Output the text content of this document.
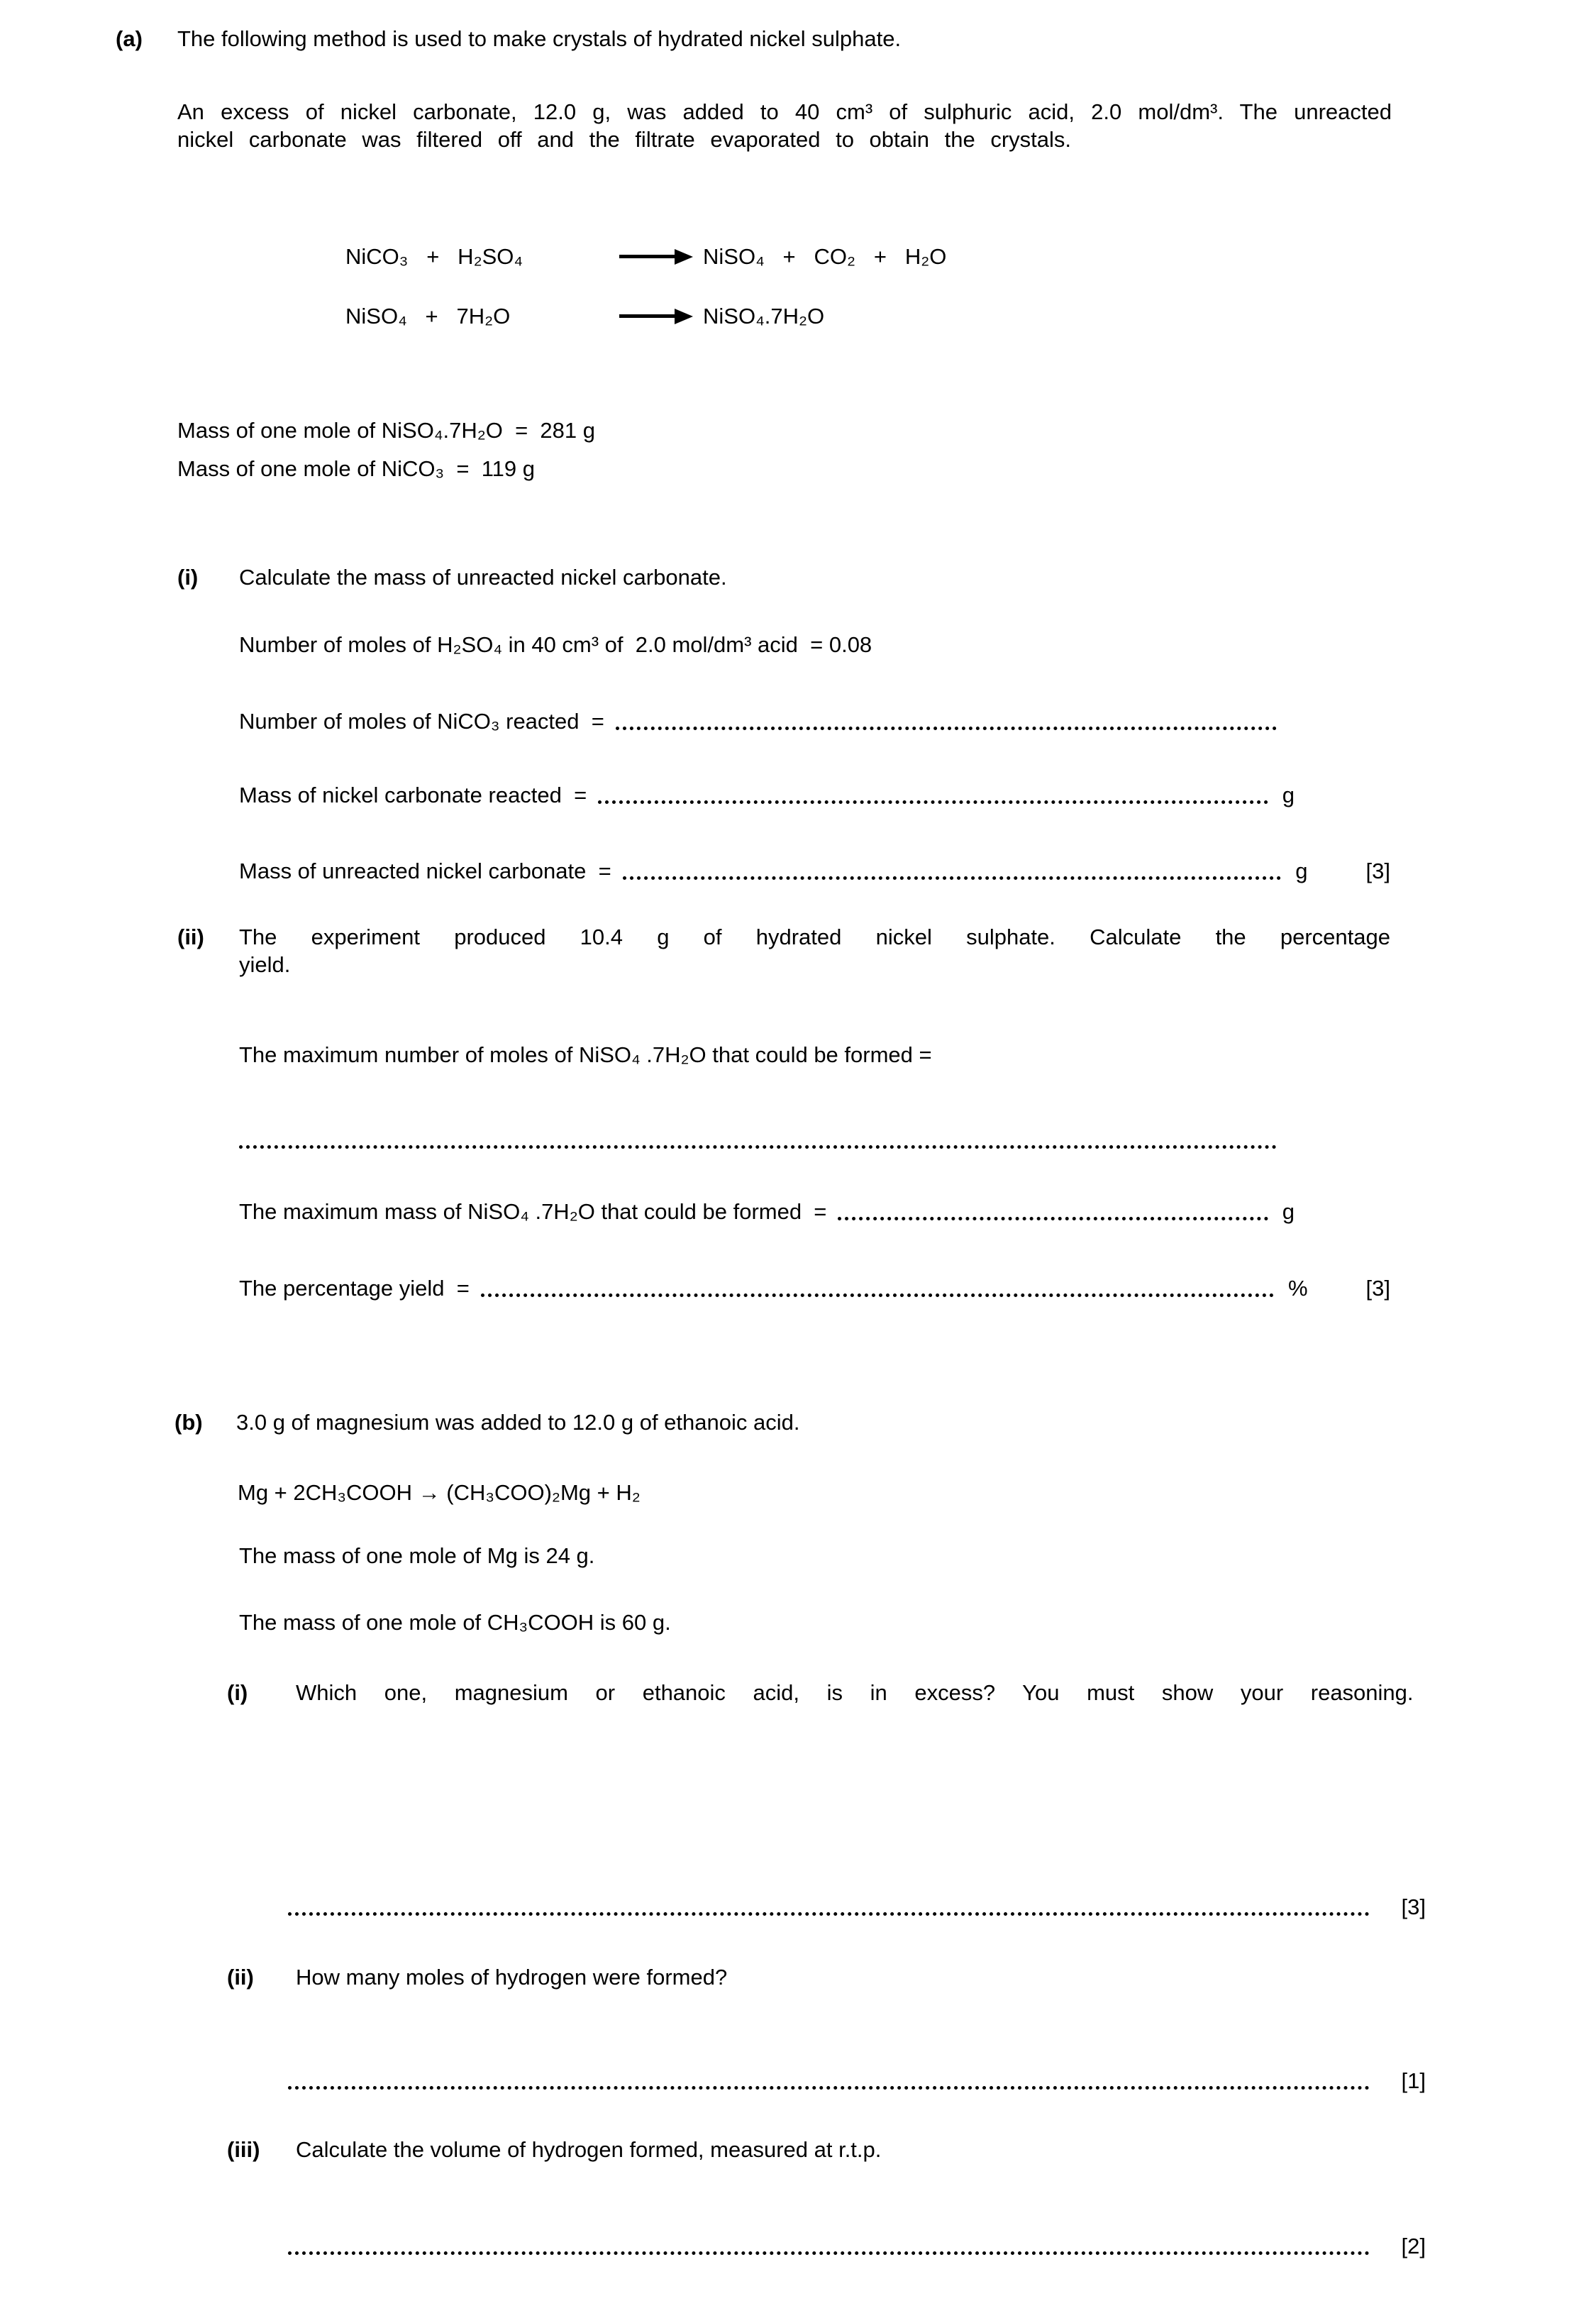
(a)	The following method is used to make crystals of hydrated nickel sulphate.

An excess of nickel carbonate, 12.0 g, was added to 40 cm³ of sulphuric acid, 2.0 mol/dm³. The unreacted nickel carbonate was filtered off and the filtrate evaporated to obtain the crystals.

NiCO₃   +   H₂SO₄	NiSO₄   +   CO₂   +   H₂O
NiSO₄   +   7H₂O	NiSO₄.7H₂O
Mass of one mole of NiSO₄.7H₂O  =  281 g
Mass of one mole of NiCO₃  =  119 g
(i)	Calculate the mass of unreacted nickel carbonate.
Number of moles of H₂SO₄ in 40 cm³ of  2.0 mol/dm³ acid  = 0.08
Number of moles of NiCO₃ reacted  =
Mass of nickel carbonate reacted  =	g
Mass of unreacted nickel carbonate  =	g	[3]
(ii)	The experiment produced 10.4 g of hydrated nickel sulphate. Calculate the percentage yield.
The maximum number of moles of NiSO₄ .7H₂O that could be formed =
The maximum mass of NiSO₄ .7H₂O that could be formed  =	g
The percentage yield  =	%	[3]
(b)	3.0 g of magnesium was added to 12.0 g of ethanoic acid.
Mg + 2CH₃COOH → (CH₃COO)₂Mg + H₂
The mass of one mole of Mg is 24 g.
The mass of one mole of CH₃COOH is 60 g.
(i)	Which one, magnesium or ethanoic acid, is in excess? You must show your reasoning.
[3]
(ii)	How many moles of hydrogen were formed?
[1]
(iii)	Calculate the volume of hydrogen formed, measured at r.t.p.
[2]
